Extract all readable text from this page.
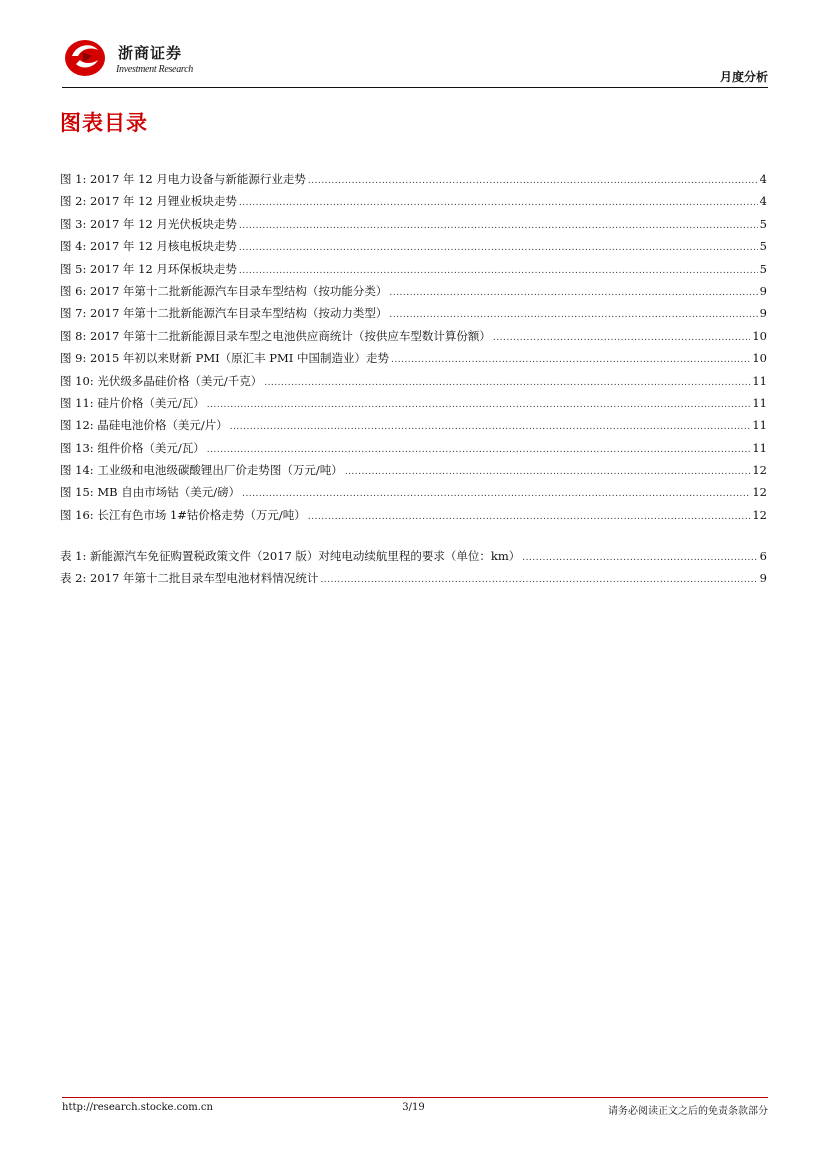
浙商证券
Investment Research
月度分析
图表目录
图 1: 2017 年 12 月电力设备与新能源行业走势 .....	4
图 2: 2017 年 12 月锂业板块走势 .....	4
图 3: 2017 年 12 月光伏板块走势 .....	5
图 4: 2017 年 12 月核电板块走势 .....	5
图 5: 2017 年 12 月环保板块走势 .....	5
图 6: 2017 年第十二批新能源汽车目录车型结构（按功能分类） .....	9
图 7: 2017 年第十二批新能源汽车目录车型结构（按动力类型） .....	9
图 8: 2017 年第十二批新能源目录车型之电池供应商统计（按供应车型数计算份额） .....	10
图 9: 2015 年初以来财新 PMI（原汇丰 PMI 中国制造业）走势 .....	10
图 10: 光伏级多晶硅价格（美元/千克） .....	11
图 11: 硅片价格（美元/瓦） .....	11
图 12: 晶硅电池价格（美元/片） .....	11
图 13: 组件价格（美元/瓦） .....	11
图 14: 工业级和电池级碳酸锂出厂价走势图（万元/吨） .....	12
图 15: MB 自由市场钴（美元/磅） .....	12
图 16: 长江有色市场 1#钴价格走势（万元/吨） .....	12
表 1: 新能源汽车免征购置税政策文件（2017 版）对纯电动续航里程的要求（单位：km） .....	6
表 2: 2017 年第十二批目录车型电池材料情况统计 .....	9
http://research.stocke.com.cn	3/19	请务必阅读正文之后的免责条款部分
